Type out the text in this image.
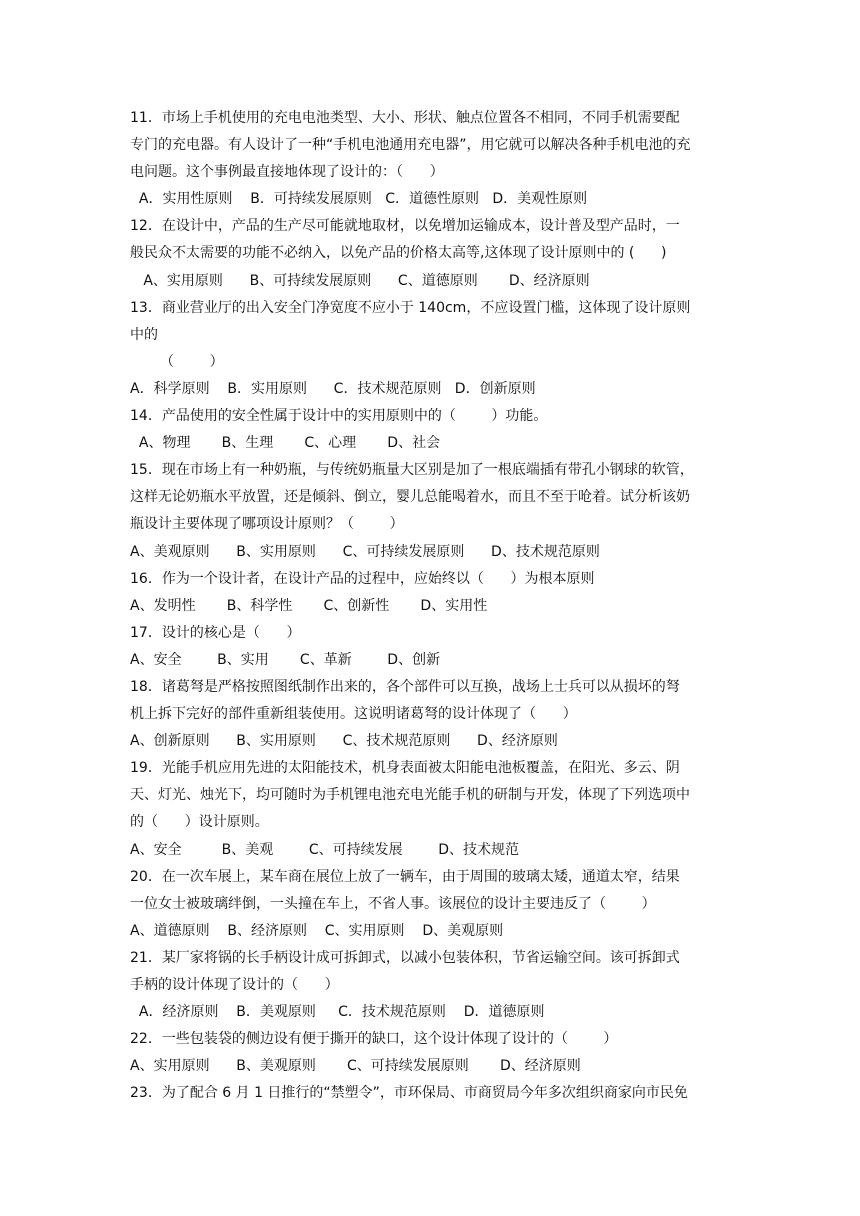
11．市场上手机使用的充电电池类型、大小、形状、触点位置各不相同，不同手机需要配
专门的充电器。有人设计了一种“手机电池通用充电器”，用它就可以解决各种手机电池的充
电问题。这个事例最直接地体现了设计的：（      ）
A．实用性原则    B．可持续发展原则   C．道德性原则   D．美观性原则
12．在设计中，产品的生产尽可能就地取材，以免增加运输成本，设计普及型产品时，一
般民众不太需要的功能不必纳入，以免产品的价格太高等,这体现了设计原则中的 (      )
A、实用原则      B、可持续发展原则      C、道德原则       D、经济原则
13．商业营业厅的出入安全门净宽度不应小于 140cm，不应设置门槛，这体现了设计原则
中的
（        ）
A．科学原则    B．实用原则      C．技术规范原则   D．创新原则
14．产品使用的安全性属于设计中的实用原则中的（        ）功能。
A、物理       B、生理       C、心理       D、社会
15．现在市场上有一种奶瓶，与传统奶瓶量大区别是加了一根底端插有带孔小钢球的软管，
这样无论奶瓶水平放置，还是倾斜、倒立，婴儿总能喝着水，而且不至于呛着。试分析该奶
瓶设计主要体现了哪项设计原则？（        ）
A、美观原则      B、实用原则      C、可持续发展原则      D、技术规范原则
16．作为一个设计者，在设计产品的过程中，应始终以（      ）为根本原则
A、发明性       B、科学性       C、创新性       D、实用性
17．设计的核心是（      ）
A、安全        B、实用       C、革新        D、创新
18．诸葛弩是严格按照图纸制作出来的，各个部件可以互换，战场上士兵可以从损坏的弩
机上拆下完好的部件重新组装使用。这说明诸葛弩的设计体现了（      ）
A、创新原则      B、实用原则      C、技术规范原则      D、经济原则
19．光能手机应用先进的太阳能技术，机身表面被太阳能电池板覆盖，在阳光、多云、阴
天、灯光、烛光下，均可随时为手机锂电池充电光能手机的研制与开发，体现了下列选项中
的（      ）设计原则。
A、安全         B、美观        C、可持续发展        D、技术规范
20．在一次车展上，某车商在展位上放了一辆车，由于周围的玻璃太矮，通道太窄，结果
一位女士被玻璃绊倒，一头撞在车上，不省人事。该展位的设计主要违反了（        ）
A、道德原则    B、经济原则    C、实用原则    D、美观原则
21．某厂家将锅的长手柄设计成可拆卸式，以减小包装体积，节省运输空间。该可拆卸式
手柄的设计体现了设计的（      ）
A．经济原则    B．美观原则     C．技术规范原则    D．道德原则
22．一些包装袋的侧边设有便于撕开的缺口，这个设计体现了设计的（        ）
A、实用原则      B、美观原则       C、可持续发展原则       D、经济原则
23．为了配合 6 月 1 日推行的“禁塑令”，市环保局、市商贸局今年多次组织商家向市民免
